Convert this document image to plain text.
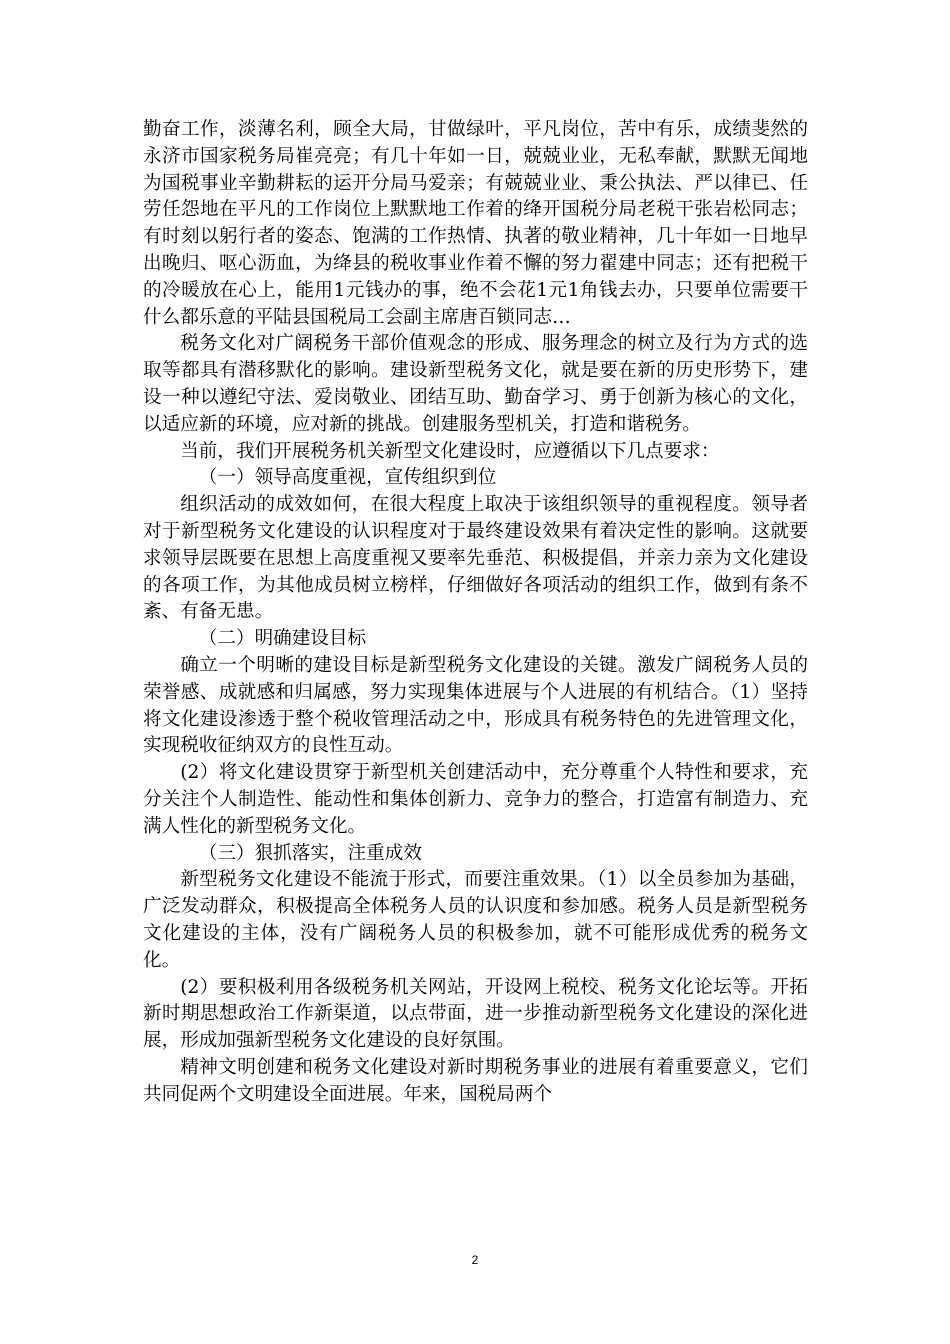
勤奋工作，淡薄名利，顾全大局，甘做绿叶，平凡岗位，苦中有乐，成绩斐然的永济市国家税务局崔亮亮；有几十年如一日，兢兢业业，无私奉献，默默无闻地为国税事业辛勤耕耘的运开分局马爱亲；有兢兢业业、秉公执法、严以律已、任劳任怨地在平凡的工作岗位上默默地工作着的绛开国税分局老税干张岩松同志；有时刻以躬行者的姿态、饱满的工作热情、执著的敬业精神，几十年如一日地早出晚归、呕心沥血，为绛县的税收事业作着不懈的努力翟建中同志；还有把税干的冷暖放在心上，能用1元钱办的事，绝不会花1元1角钱去办，只要单位需要干什么都乐意的平陆县国税局工会副主席唐百锁同志…

税务文化对广阔税务干部价值观念的形成、服务理念的树立及行为方式的选取等都具有潜移默化的影响。建设新型税务文化，就是要在新的历史形势下，建设一种以遵纪守法、爱岗敬业、团结互助、勤奋学习、勇于创新为核心的文化，以适应新的环境，应对新的挑战。创建服务型机关，打造和谐税务。

当前，我们开展税务机关新型文化建设时，应遵循以下几点要求：

（一）领导高度重视，宣传组织到位

组织活动的成效如何，在很大程度上取决于该组织领导的重视程度。领导者对于新型税务文化建设的认识程度对于最终建设效果有着决定性的影响。这就要求领导层既要在思想上高度重视又要率先垂范、积极提倡，并亲力亲为文化建设的各项工作，为其他成员树立榜样，仔细做好各项活动的组织工作，做到有条不紊、有备无患。

（二）明确建设目标

确立一个明晰的建设目标是新型税务文化建设的关键。激发广阔税务人员的荣誉感、成就感和归属感，努力实现集体进展与个人进展的有机结合。（1）坚持将文化建设渗透于整个税收管理活动之中，形成具有税务特色的先进管理文化，实现税收征纳双方的良性互动。

(2）将文化建设贯穿于新型机关创建活动中，充分尊重个人特性和要求，充分关注个人制造性、能动性和集体创新力、竞争力的整合，打造富有制造力、充满人性化的新型税务文化。

（三）狠抓落实，注重成效

新型税务文化建设不能流于形式，而要注重效果。（1）以全员参加为基础，广泛发动群众，积极提高全体税务人员的认识度和参加感。税务人员是新型税务文化建设的主体，没有广阔税务人员的积极参加，就不可能形成优秀的税务文化。

(2）要积极利用各级税务机关网站，开设网上税校、税务文化论坛等。开拓新时期思想政治工作新渠道，以点带面，进一步推动新型税务文化建设的深化进展，形成加强新型税务文化建设的良好氛围。

精神文明创建和税务文化建设对新时期税务事业的进展有着重要意义，它们共同促两个文明建设全面进展。年来，国税局两个

2
